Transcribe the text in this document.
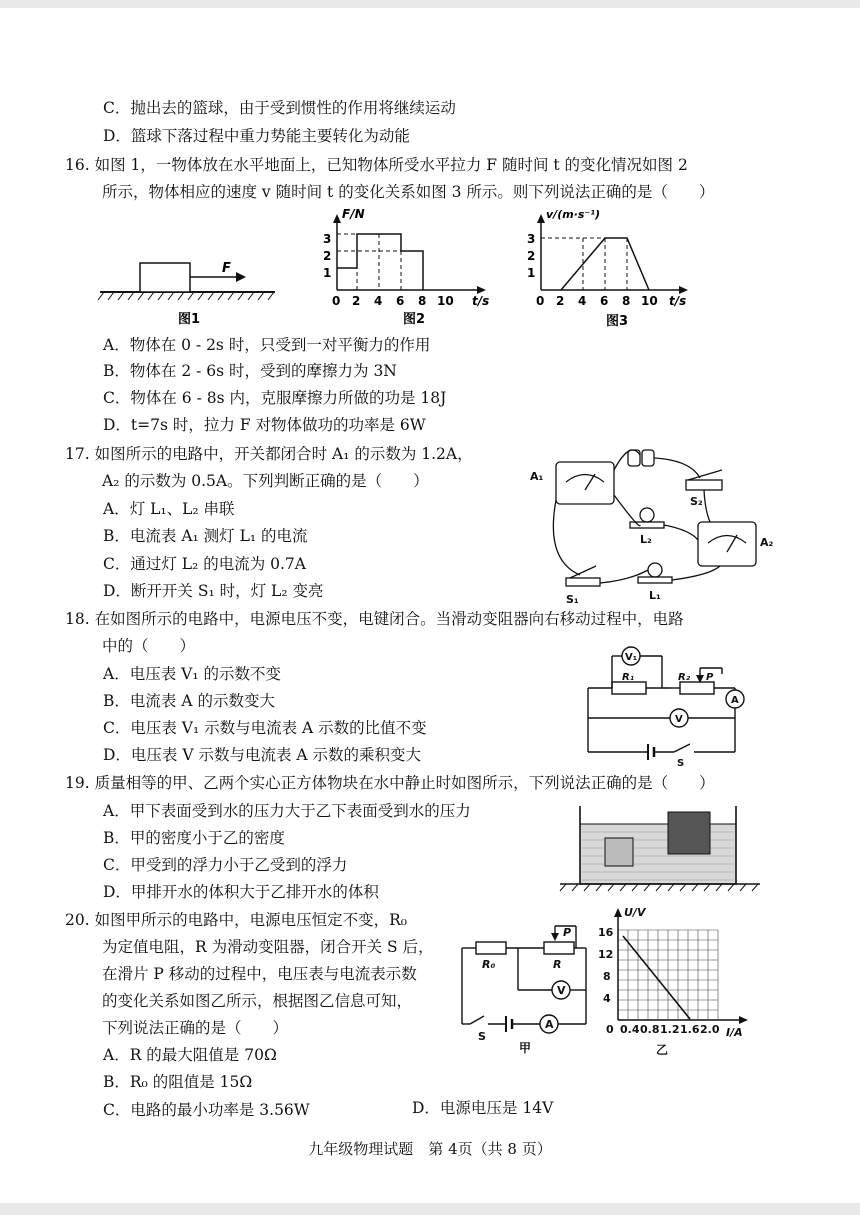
C．抛出去的篮球，由于受到惯性的作用将继续运动
D．篮球下落过程中重力势能主要转化为动能
16. 如图 1，一物体放在水平地面上，已知物体所受水平拉力 F 随时间 t 的变化情况如图 2
所示，物体相应的速度 v 随时间 t 的变化关系如图 3 所示。则下列说法正确的是（　　）
F
图1
F/N
t/s
3
2
1
0 2 4 6 8 10
图2
v/(m·s⁻¹)
t/s
3
2
1
0 2 4 6 8 10
图3
A₁
A₂
S₂
L₂
S₁	L₁
V₁
R₁	R₂ P
A
V
S
P
R₀	R
V
A
S
甲
U/V
I/A
16
12
8
4
0 0.4 0.8 1.2 1.6 2.0
乙
A．物体在 0 - 2s 时，只受到一对平衡力的作用
B．物体在 2 - 6s 时，受到的摩擦力为 3N
C．物体在 6 - 8s 内，克服摩擦力所做的功是 18J
D．t=7s 时，拉力 F 对物体做功的功率是 6W
17. 如图所示的电路中，开关都闭合时 A₁ 的示数为 1.2A，
A₂ 的示数为 0.5A。下列判断正确的是（　　）
A．灯 L₁、L₂ 串联
B．电流表 A₁ 测灯 L₁ 的电流
C．通过灯 L₂ 的电流为 0.7A
D．断开开关 S₁ 时，灯 L₂ 变亮
18. 在如图所示的电路中，电源电压不变，电键闭合。当滑动变阻器向右移动过程中，电路
中的（　　）
A．电压表 V₁ 的示数不变
B．电流表 A 的示数变大
C．电压表 V₁ 示数与电流表 A 示数的比值不变
D．电压表 V 示数与电流表 A 示数的乘积变大
19. 质量相等的甲、乙两个实心正方体物块在水中静止时如图所示，下列说法正确的是（　　）
A．甲下表面受到水的压力大于乙下表面受到水的压力
B．甲的密度小于乙的密度
C．甲受到的浮力小于乙受到的浮力
D．甲排开水的体积大于乙排开水的体积
20. 如图甲所示的电路中，电源电压恒定不变，R₀
为定值电阻，R 为滑动变阻器，闭合开关 S 后，
在滑片 P 移动的过程中，电压表与电流表示数
的变化关系如图乙所示，根据图乙信息可知，
下列说法正确的是（　　）
A．R 的最大阻值是 70Ω
B．R₀ 的阻值是 15Ω
C．电路的最小功率是 3.56W	D．电源电压是 14V
九年级物理试题　第 4页（共 8 页）
